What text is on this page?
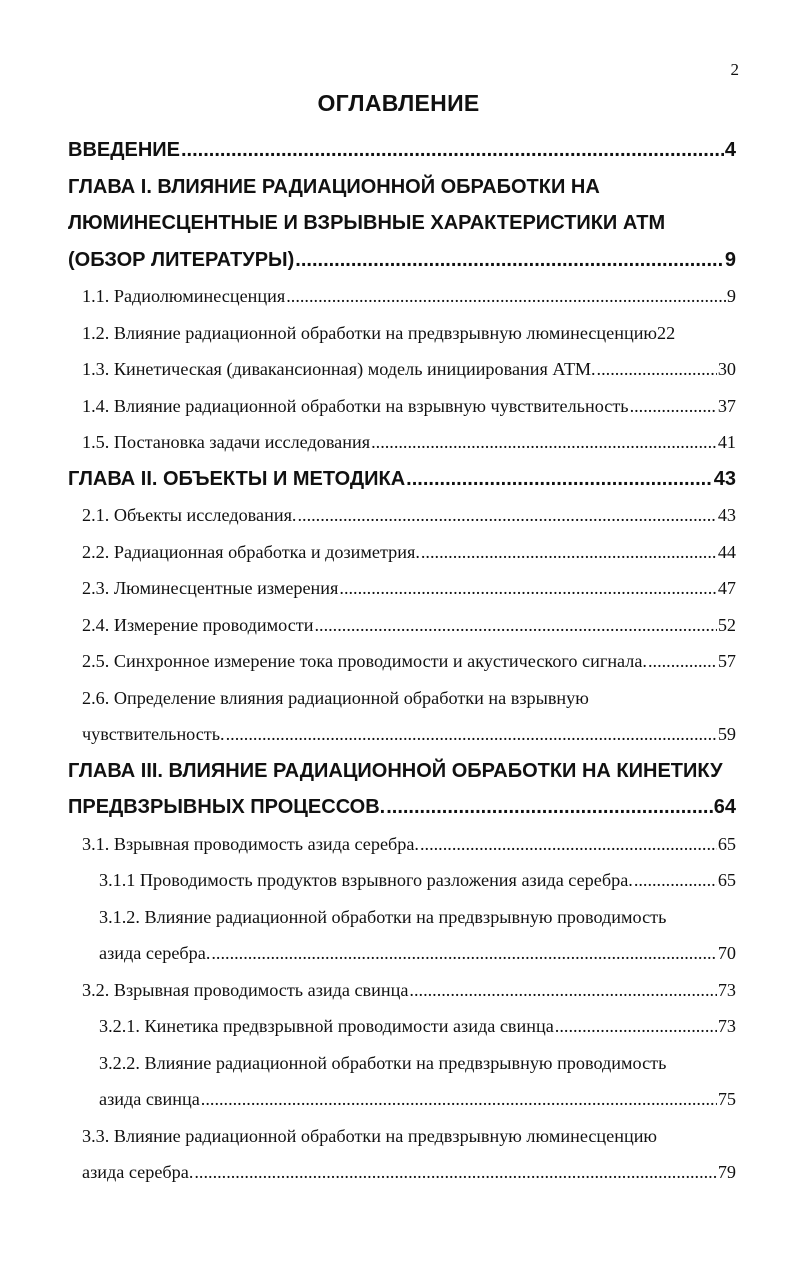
2
ОГЛАВЛЕНИЕ
ВВЕДЕНИЕ .....	4
ГЛАВА I. ВЛИЯНИЕ РАДИАЦИОННОЙ ОБРАБОТКИ НА
ЛЮМИНЕСЦЕНТНЫЕ И ВЗРЫВНЫЕ ХАРАКТЕРИСТИКИ АТМ
(ОБЗОР ЛИТЕРАТУРЫ) .....	9
1.1. Радиолюминесценция .....	9
1.2. Влияние радиационной обработки на предвзрывную люминесценцию 22
1.3. Кинетическая (дивакансионная) модель инициирования АТМ. .....	30
1.4. Влияние радиационной обработки на взрывную чувствительность .....	37
1.5. Постановка задачи исследования .....	41
ГЛАВА II. ОБЪЕКТЫ И МЕТОДИКА .....	43
2.1. Объекты исследования. .....	43
2.2. Радиационная обработка и дозиметрия. .....	44
2.3. Люминесцентные измерения .....	47
2.4. Измерение проводимости .....	52
2.5. Синхронное измерение тока проводимости и акустического сигнала. .....	57
2.6. Определение влияния радиационной обработки на взрывную
чувствительность. .....	59
ГЛАВА III. ВЛИЯНИЕ РАДИАЦИОННОЙ ОБРАБОТКИ НА КИНЕТИКУ
ПРЕДВЗРЫВНЫХ ПРОЦЕССОВ. .....	64
3.1. Взрывная проводимость азида серебра. .....	65
3.1.1 Проводимость продуктов взрывного разложения азида серебра. .....	65
3.1.2. Влияние радиационной обработки на предвзрывную проводимость
азида серебра. .....	70
3.2. Взрывная проводимость азида свинца .....	73
3.2.1. Кинетика предвзрывной проводимости азида свинца .....	73
3.2.2. Влияние радиационной обработки на предвзрывную проводимость
азида свинца .....	75
3.3. Влияние радиационной обработки на предвзрывную люминесценцию
азида серебра. .....	79
